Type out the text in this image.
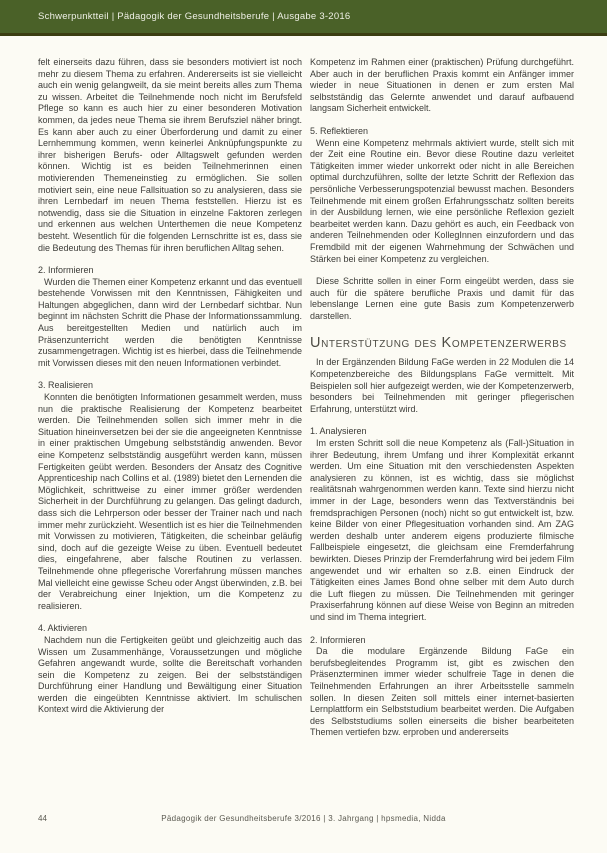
Schwerpunktteil | Pädagogik der Gesundheitsberufe | Ausgabe 3-2016

felt einerseits dazu führen, dass sie besonders motiviert ist noch mehr zu diesem Thema zu erfahren. Andererseits ist sie vielleicht auch ein wenig gelangweilt, da sie meint bereits alles zum Thema zu wissen. Arbeitet die Teilnehmende noch nicht im Berufsfeld Pflege so kann es auch hier zu einer besonderen Motivation kommen, da jedes neue Thema sie ihrem Berufsziel näher bringt. Es kann aber auch zu einer Überforderung und damit zu einer Lernhemmung kommen, wenn keinerlei Anknüpfungspunkte zu ihrer bisherigen Berufs- oder Alltagswelt gefunden werden können. Wichtig ist es beiden Teilnehmerinnen einen motivierenden Themeneinstieg zu ermöglichen. Sie sollen motiviert sein, eine neue Fallsituation so zu analysieren, dass sie ihren Lernbedarf im neuen Thema feststellen. Hierzu ist es notwendig, dass sie die Situation in einzelne Faktoren zerlegen und erkennen aus welchen Unterthemen die neue Kompetenz besteht. Wesentlich für die folgenden Lernschritte ist es, dass sie die Bedeutung des Themas für ihren beruflichen Alltag sehen.

2. Informieren

Wurden die Themen einer Kompetenz erkannt und das eventuell bestehende Vorwissen mit den Kenntnissen, Fähigkeiten und Haltungen abgeglichen, dann wird der Lernbedarf sichtbar. Nun beginnt im nächsten Schritt die Phase der Informationssammlung. Aus bereitgestellten Medien und natürlich auch im Präsenzunterricht werden die benötigten Kenntnisse zusammengetragen. Wichtig ist es hierbei, dass die Teilnehmende mit Vorwissen dieses mit den neuen Informationen verbindet.

3. Realisieren

Konnten die benötigten Informationen gesammelt werden, muss nun die praktische Realisierung der Kompetenz bearbeitet werden. Die Teilnehmenden sollen sich immer mehr in die Situation hineinversetzen bei der sie die angeeigneten Kenntnisse in einer praktischen Umgebung selbstständig anwenden. Bevor eine Kompetenz selbstständig ausgeführt werden kann, müssen Fertigkeiten geübt werden. Besonders der Ansatz des Cognitive Apprenticeship nach Collins et al. (1989) bietet den Lernenden die Möglichkeit, schrittweise zu einer immer größer werdenden Sicherheit in der Durchführung zu gelangen. Das gelingt dadurch, dass sich die Lehrperson oder besser der Trainer nach und nach immer mehr zurückzieht. Wesentlich ist es hier die Teilnehmenden mit Vorwissen zu motivieren, Tätigkeiten, die scheinbar geläufig sind, doch auf die gezeigte Weise zu üben. Eventuell bedeutet dies, eingefahrene, aber falsche Routinen zu verlassen. Teilnehmende ohne pflegerische Vorerfahrung müssen manches Mal vielleicht eine gewisse Scheu oder Angst überwinden, z.B. bei der Verabreichung einer Injektion, um die Kompetenz zu realisieren.

4. Aktivieren

Nachdem nun die Fertigkeiten geübt und gleichzeitig auch das Wissen um Zusammenhänge, Voraussetzungen und mögliche Gefahren angewandt wurde, sollte die Bereitschaft vorhanden sein die Kompetenz zu zeigen. Bei der selbstständigen Durchführung einer Handlung und Bewältigung einer Situation werden die eingeübten Kenntnisse aktiviert. Im schulischen Kontext wird die Aktivierung der

Kompetenz im Rahmen einer (praktischen) Prüfung durchgeführt. Aber auch in der beruflichen Praxis kommt ein Anfänger immer wieder in neue Situationen in denen er zum ersten Mal selbstständig das Gelernte anwendet und darauf aufbauend langsam Sicherheit entwickelt.

5. Reflektieren

Wenn eine Kompetenz mehrmals aktiviert wurde, stellt sich mit der Zeit eine Routine ein. Bevor diese Routine dazu verleitet Tätigkeiten immer wieder unkorrekt oder nicht in alle Bereichen optimal durchzuführen, sollte der letzte Schritt der Reflexion das persönliche Verbesserungspotenzial bewusst machen. Besonders Teilnehmende mit einem großen Erfahrungsschatz sollten bereits in der Ausbildung lernen, wie eine persönliche Reflexion gezielt bearbeitet werden kann. Dazu gehört es auch, ein Feedback von anderen Teilnehmenden oder KollegInnen einzufordern und das Fremdbild mit der eigenen Wahrnehmung der Schwächen und Stärken bei einer Kompetenz zu vergleichen.

Diese Schritte sollen in einer Form eingeübt werden, dass sie auch für die spätere berufliche Praxis und damit für das lebenslange Lernen eine gute Basis zum Kompetenzerwerb darstellen.

Unterstützung des Kompetenzerwerbs

In der Ergänzenden Bildung FaGe werden in 22 Modulen die 14 Kompetenzbereiche des Bildungsplans FaGe vermittelt. Mit Beispielen soll hier aufgezeigt werden, wie der Kompetenzerwerb, besonders bei Teilnehmenden mit geringer pflegerischen Erfahrung, unterstützt wird.

1. Analysieren

Im ersten Schritt soll die neue Kompetenz als (Fall-)Situation in ihrer Bedeutung, ihrem Umfang und ihrer Komplexität erkannt werden. Um eine Situation mit den verschiedensten Aspekten analysieren zu können, ist es wichtig, dass sie möglichst realitätsnah wahrgenommen werden kann. Texte sind hierzu nicht immer in der Lage, besonders wenn das Textverständnis bei fremdsprachigen Personen (noch) nicht so gut entwickelt ist, bzw. keine Bilder von einer Pflegesituation vorhanden sind. Am ZAG werden deshalb unter anderem eigens produzierte filmische Fallbeispiele eingesetzt, die gleichsam eine Fremderfahrung bewirkten. Dieses Prinzip der Fremderfahrung wird bei jedem Film angewendet und wir erhalten so z.B. einen Eindruck der Tätigkeiten eines James Bond ohne selber mit dem Auto durch die Luft fliegen zu müssen. Die Teilnehmenden mit geringer Praxiserfahrung können auf diese Weise von Beginn an mitreden und sind im Thema integriert.

2. Informieren

Da die modulare Ergänzende Bildung FaGe ein berufsbegleitendes Programm ist, gibt es zwischen den Präsenzterminen immer wieder schulfreie Tage in denen die Teilnehmenden Erfahrungen an ihrer Arbeitsstelle sammeln sollen. In diesen Zeiten soll mittels einer internet-basierten Lernplattform ein Selbststudium bearbeitet werden. Die Aufgaben des Selbststudiums sollen einerseits die bisher bearbeiteten Themen vertiefen bzw. erproben und andererseits

44	Pädagogik der Gesundheitsberufe 3/2016 | 3. Jahrgang | hpsmedia, Nidda
